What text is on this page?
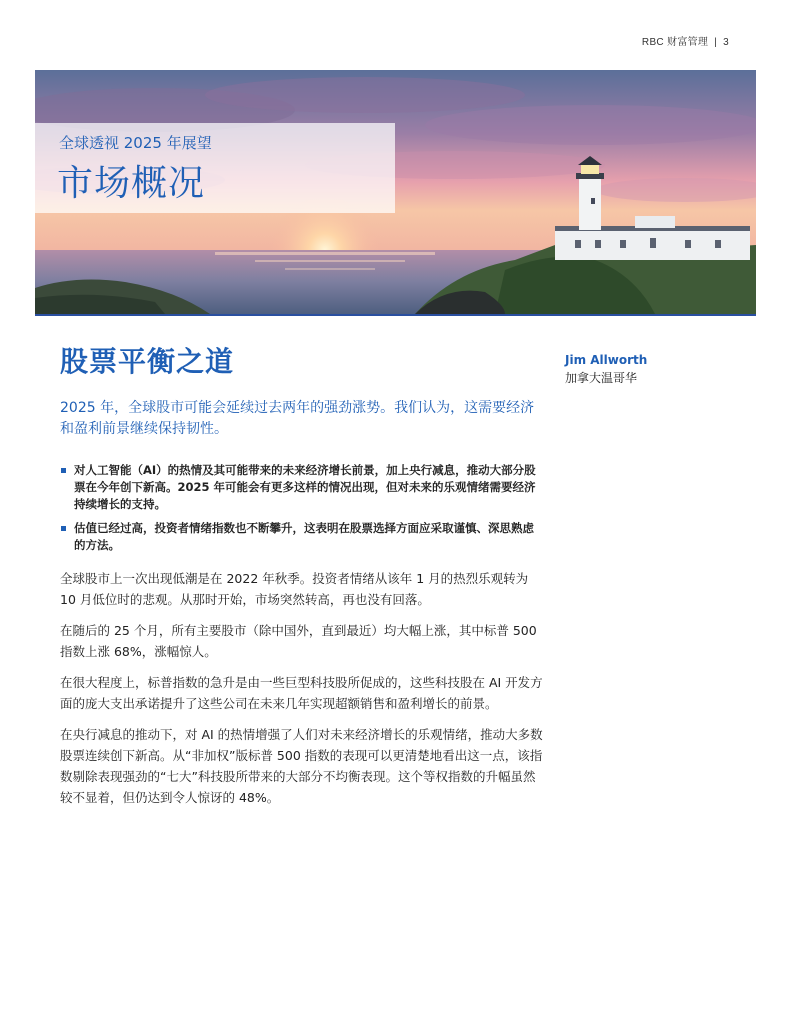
RBC 财富管理 | 3
全球透视 2025 年展望
市场概况
股票平衡之道	Jim Allworth
加拿大温哥华
2025 年，全球股市可能会延续过去两年的强劲涨势。我们认为，这需要经济和盈利前景继续保持韧性。
对人工智能（AI）的热情及其可能带来的未来经济增长前景，加上央行减息，推动大部分股票在今年创下新高。2025 年可能会有更多这样的情况出现，但对未来的乐观情绪需要经济持续增长的支持。
估值已经过高，投资者情绪指数也不断攀升，这表明在股票选择方面应采取谨慎、深思熟虑的方法。

全球股市上一次出现低潮是在 2022 年秋季。投资者情绪从该年 1 月的热烈乐观转为 10 月低位时的悲观。从那时开始，市场突然转高，再也没有回落。

在随后的 25 个月，所有主要股市（除中国外，直到最近）均大幅上涨，其中标普 500 指数上涨 68%，涨幅惊人。

在很大程度上，标普指数的急升是由一些巨型科技股所促成的，这些科技股在 AI 开发方面的庞大支出承诺提升了这些公司在未来几年实现超额销售和盈利增长的前景。

在央行减息的推动下，对 AI 的热情增强了人们对未来经济增长的乐观情绪，推动大多数股票连续创下新高。从“非加权”版标普 500 指数的表现可以更清楚地看出这一点，该指数剔除表现强劲的“七大”科技股所带来的大部分不均衡表现。这个等权指数的升幅虽然较不显着，但仍达到令人惊讶的 48%。
